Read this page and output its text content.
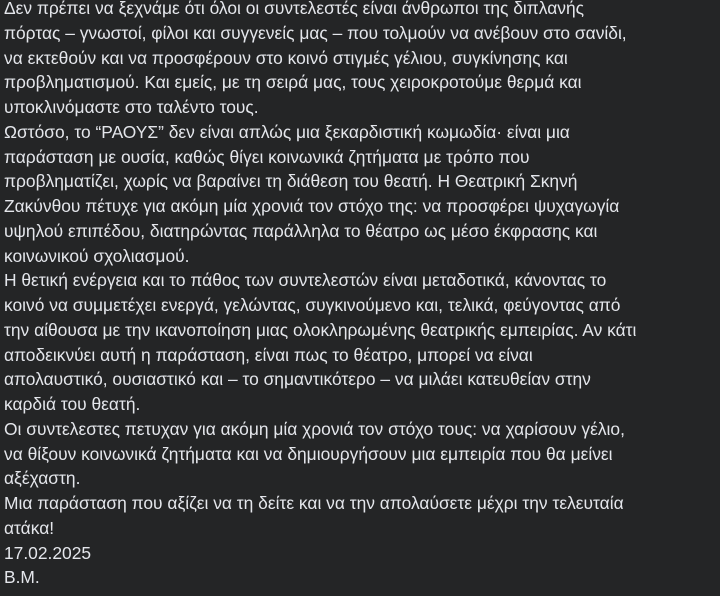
Δεν πρέπει να ξεχνάμε ότι όλοι οι συντελεστές είναι άνθρωποι της διπλανής
πόρτας – γνωστοί, φίλοι και συγγενείς μας – που τολμούν να ανέβουν στο σανίδι,
να εκτεθούν και να προσφέρουν στο κοινό στιγμές γέλιου, συγκίνησης και
προβληματισμού. Και εμείς, με τη σειρά μας, τους χειροκροτούμε θερμά και
υποκλινόμαστε στο ταλέντο τους.
Ωστόσο, το “ΡΑΟΥΣ” δεν είναι απλώς μια ξεκαρδιστική κωμωδία· είναι μια
παράσταση με ουσία, καθώς θίγει κοινωνικά ζητήματα με τρόπο που
προβληματίζει, χωρίς να βαραίνει τη διάθεση του θεατή. Η Θεατρική Σκηνή
Ζακύνθου πέτυχε για ακόμη μία χρονιά τον στόχο της: να προσφέρει ψυχαγωγία
υψηλού επιπέδου, διατηρώντας παράλληλα το θέατρο ως μέσο έκφρασης και
κοινωνικού σχολιασμού.
Η θετική ενέργεια και το πάθος των συντελεστών είναι μεταδοτικά, κάνοντας το
κοινό να συμμετέχει ενεργά, γελώντας, συγκινούμενο και, τελικά, φεύγοντας από
την αίθουσα με την ικανοποίηση μιας ολοκληρωμένης θεατρικής εμπειρίας. Αν κάτι
αποδεικνύει αυτή η παράσταση, είναι πως το θέατρο, μπορεί να είναι
απολαυστικό, ουσιαστικό και – το σημαντικότερο – να μιλάει κατευθείαν στην
καρδιά του θεατή.
Οι συντελεστες πετυχαν για ακόμη μία χρονιά τον στόχο τους: να χαρίσουν γέλιο,
να θίξουν κοινωνικά ζητήματα και να δημιουργήσουν μια εμπειρία που θα μείνει
αξέχαστη.
Μια παράσταση που αξίζει να τη δείτε και να την απολαύσετε μέχρι την τελευταία
ατάκα!
17.02.2025
Β.Μ.
